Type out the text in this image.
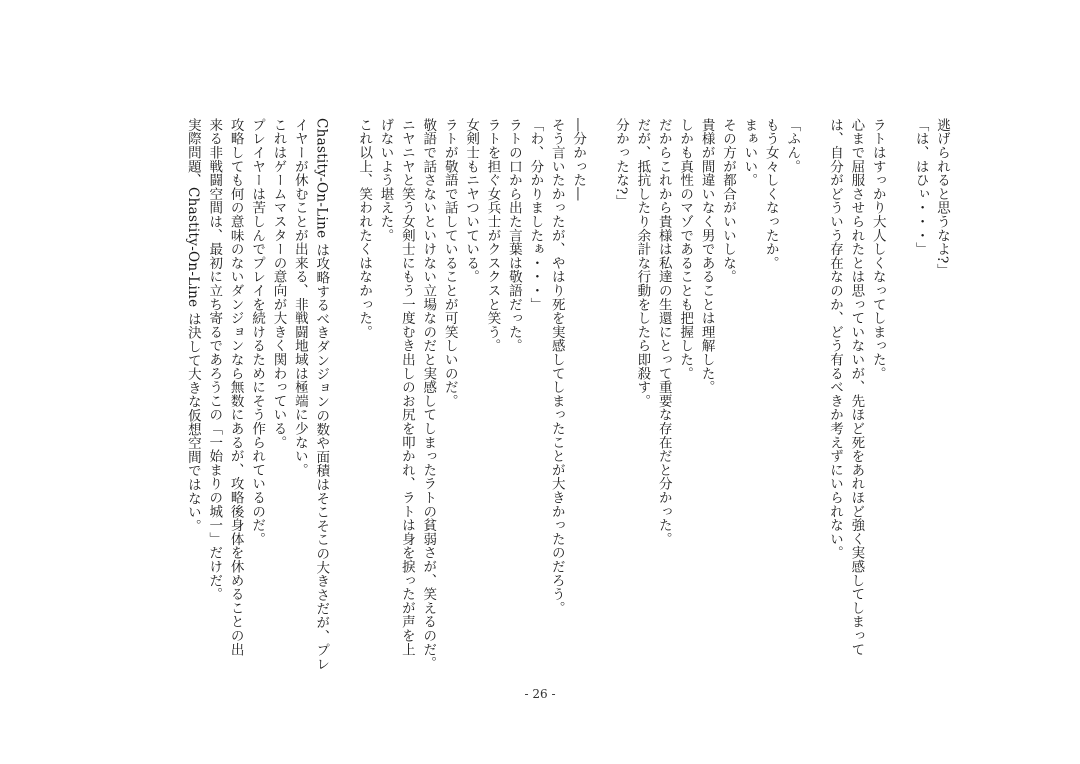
逃げられると思うなよ?」
「は、はひぃ・・・」
ラトはすっかり大人しくなってしまった。
心まで屈服させられたとは思っていないが、先ほど死をあれほど強く実感してしまって
は、自分がどういう存在なのか、どう有るべきか考えずにいられない。
「ふん。
もう女々しくなったか。
まぁいい。
その方が都合がいいしな。
貴様が間違いなく男であることは理解した。
しかも真性のマゾであることも把握した。
だからこれから貴様は私達の生還にとって重要な存在だと分かった。
だが、抵抗したり余計な行動をしたら即殺す。
分かったな?」
―分かった―
そう言いたかったが、やはり死を実感してしまったことが大きかったのだろう。
「わ、分かりましたぁ・・・」
ラトの口から出た言葉は敬語だった。
ラトを担ぐ女兵士がクスクスと笑う。
女剣士もニヤついている。
ラトが敬語で話していることが可笑しいのだ。
敬語で話さないといけない立場なのだと実感してしまったラトの貧弱さが、笑えるのだ。
ニヤニヤと笑う女剣士にもう一度むき出しのお尻を叩かれ、ラトは身を捩ったが声を上
げないよう堪えた。
これ以上、笑われたくはなかった。
Chastity-On-Line は攻略するべきダンジョンの数や面積はそこそこの大きさだが、プレ
イヤーが休むことが出来る、非戦闘地域は極端に少ない。
これはゲームマスターの意向が大きく関わっている。
プレイヤーは苦しんでプレイを続けるためにそう作られているのだ。
攻略しても何の意味のないダンジョンなら無数にあるが、攻略後身体を休めることの出
来る非戦闘空間は、最初に立ち寄るであろうこの「一始まりの城一」だけだ。
実際問題、Chastity-On-Line は決して大きな仮想空間ではない。
- 26 -
